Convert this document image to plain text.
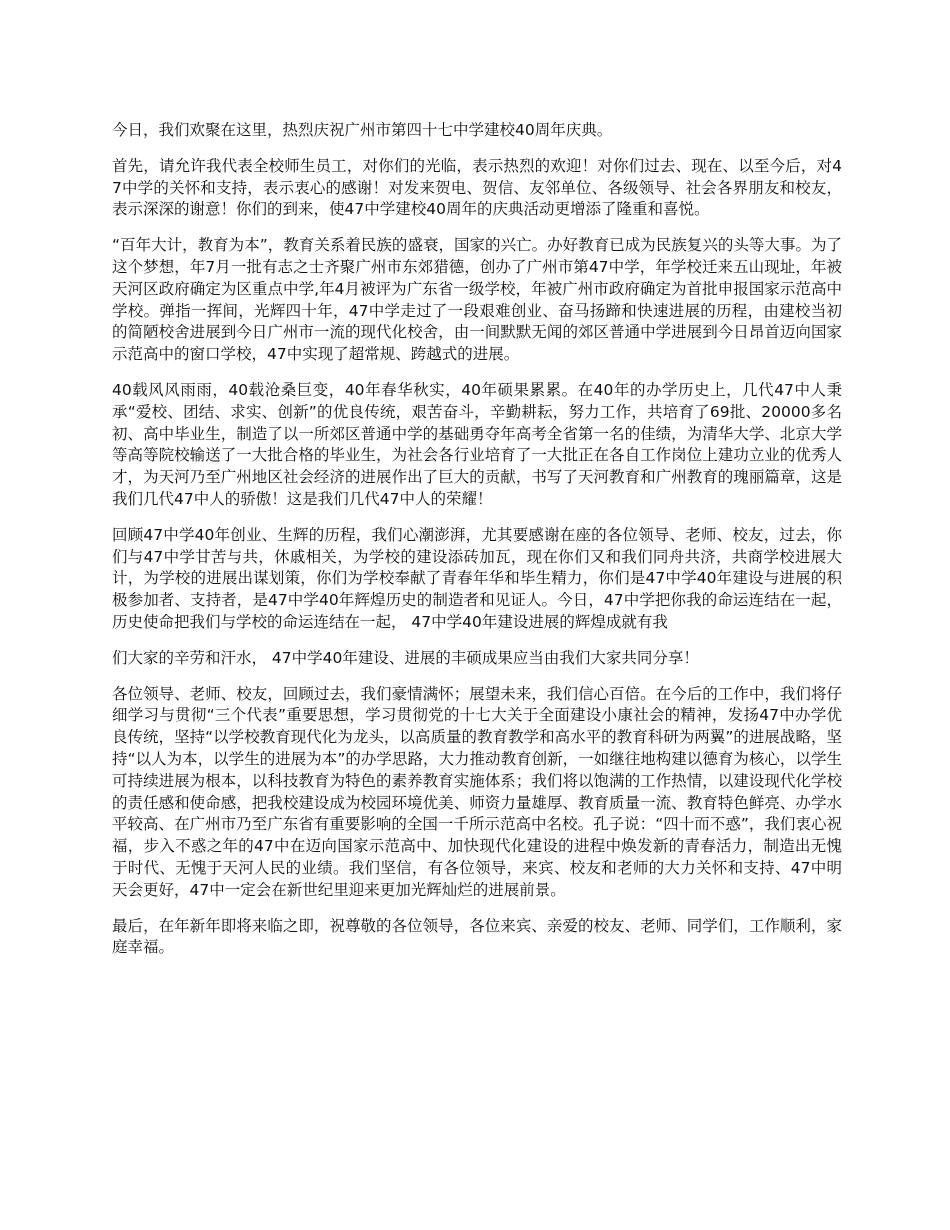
今日，我们欢聚在这里，热烈庆祝广州市第四十七中学建校40周年庆典。

首先，请允许我代表全校师生员工，对你们的光临，表示热烈的欢迎！对你们过去、现在、以至今后，对47中学的关怀和支持，表示衷心的感谢！对发来贺电、贺信、友邻单位、各级领导、社会各界朋友和校友，表示深深的谢意！你们的到来，使47中学建校40周年的庆典活动更增添了隆重和喜悦。

“百年大计，教育为本”，教育关系着民族的盛衰，国家的兴亡。办好教育已成为民族复兴的头等大事。为了这个梦想，年7月一批有志之士齐聚广州市东郊猎德，创办了广州市第47中学，年学校迁来五山现址，年被天河区政府确定为区重点中学,年4月被评为广东省一级学校，年被广州市政府确定为首批申报国家示范高中学校。弹指一挥间，光辉四十年，47中学走过了一段艰难创业、奋马扬蹄和快速进展的历程，由建校当初的简陋校舍进展到今日广州市一流的现代化校舍，由一间默默无闻的郊区普通中学进展到今日昂首迈向国家示范高中的窗口学校，47中实现了超常规、跨越式的进展。

40载风风雨雨，40载沧桑巨变，40年春华秋实，40年硕果累累。在40年的办学历史上，几代47中人秉承“爱校、团结、求实、创新”的优良传统，艰苦奋斗，辛勤耕耘，努力工作，共培育了69批、20000多名初、高中毕业生，制造了以一所郊区普通中学的基础勇夺年高考全省第一名的佳绩，为清华大学、北京大学等高等院校输送了一大批合格的毕业生，为社会各行业培育了一大批正在各自工作岗位上建功立业的优秀人才，为天河乃至广州地区社会经济的进展作出了巨大的贡献，书写了天河教育和广州教育的瑰丽篇章，这是我们几代47中人的骄傲！这是我们几代47中人的荣耀！

回顾47中学40年创业、生辉的历程，我们心潮澎湃，尤其要感谢在座的各位领导、老师、校友，过去，你们与47中学甘苦与共，休戚相关，为学校的建设添砖加瓦，现在你们又和我们同舟共济，共商学校进展大计，为学校的进展出谋划策，你们为学校奉献了青春年华和毕生精力，你们是47中学40年建设与进展的积极参加者、支持者，是47中学40年辉煌历史的制造者和见证人。今日，47中学把你我的命运连结在一起，历史使命把我们与学校的命运连结在一起， 47中学40年建设进展的辉煌成就有我

们大家的辛劳和汗水， 47中学40年建设、进展的丰硕成果应当由我们大家共同分享！

各位领导、老师、校友，回顾过去，我们豪情满怀；展望未来，我们信心百倍。在今后的工作中，我们将仔细学习与贯彻“三个代表”重要思想，学习贯彻党的十七大关于全面建设小康社会的精神，发扬47中办学优良传统，坚持“以学校教育现代化为龙头，以高质量的教育教学和高水平的教育科研为两翼”的进展战略，坚持“以人为本，以学生的进展为本”的办学思路，大力推动教育创新，一如继往地构建以德育为核心，以学生可持续进展为根本，以科技教育为特色的素养教育实施体系；我们将以饱满的工作热情，以建设现代化学校的责任感和使命感，把我校建设成为校园环境优美、师资力量雄厚、教育质量一流、教育特色鲜亮、办学水平较高、在广州市乃至广东省有重要影响的全国一千所示范高中名校。孔子说：“四十而不惑”，我们衷心祝福，步入不惑之年的47中在迈向国家示范高中、加快现代化建设的进程中焕发新的青春活力，制造出无愧于时代、无愧于天河人民的业绩。我们坚信，有各位领导，来宾、校友和老师的大力关怀和支持、47中明天会更好，47中一定会在新世纪里迎来更加光辉灿烂的进展前景。

最后，在年新年即将来临之即，祝尊敬的各位领导，各位来宾、亲爱的校友、老师、同学们，工作顺利，家庭幸福。
